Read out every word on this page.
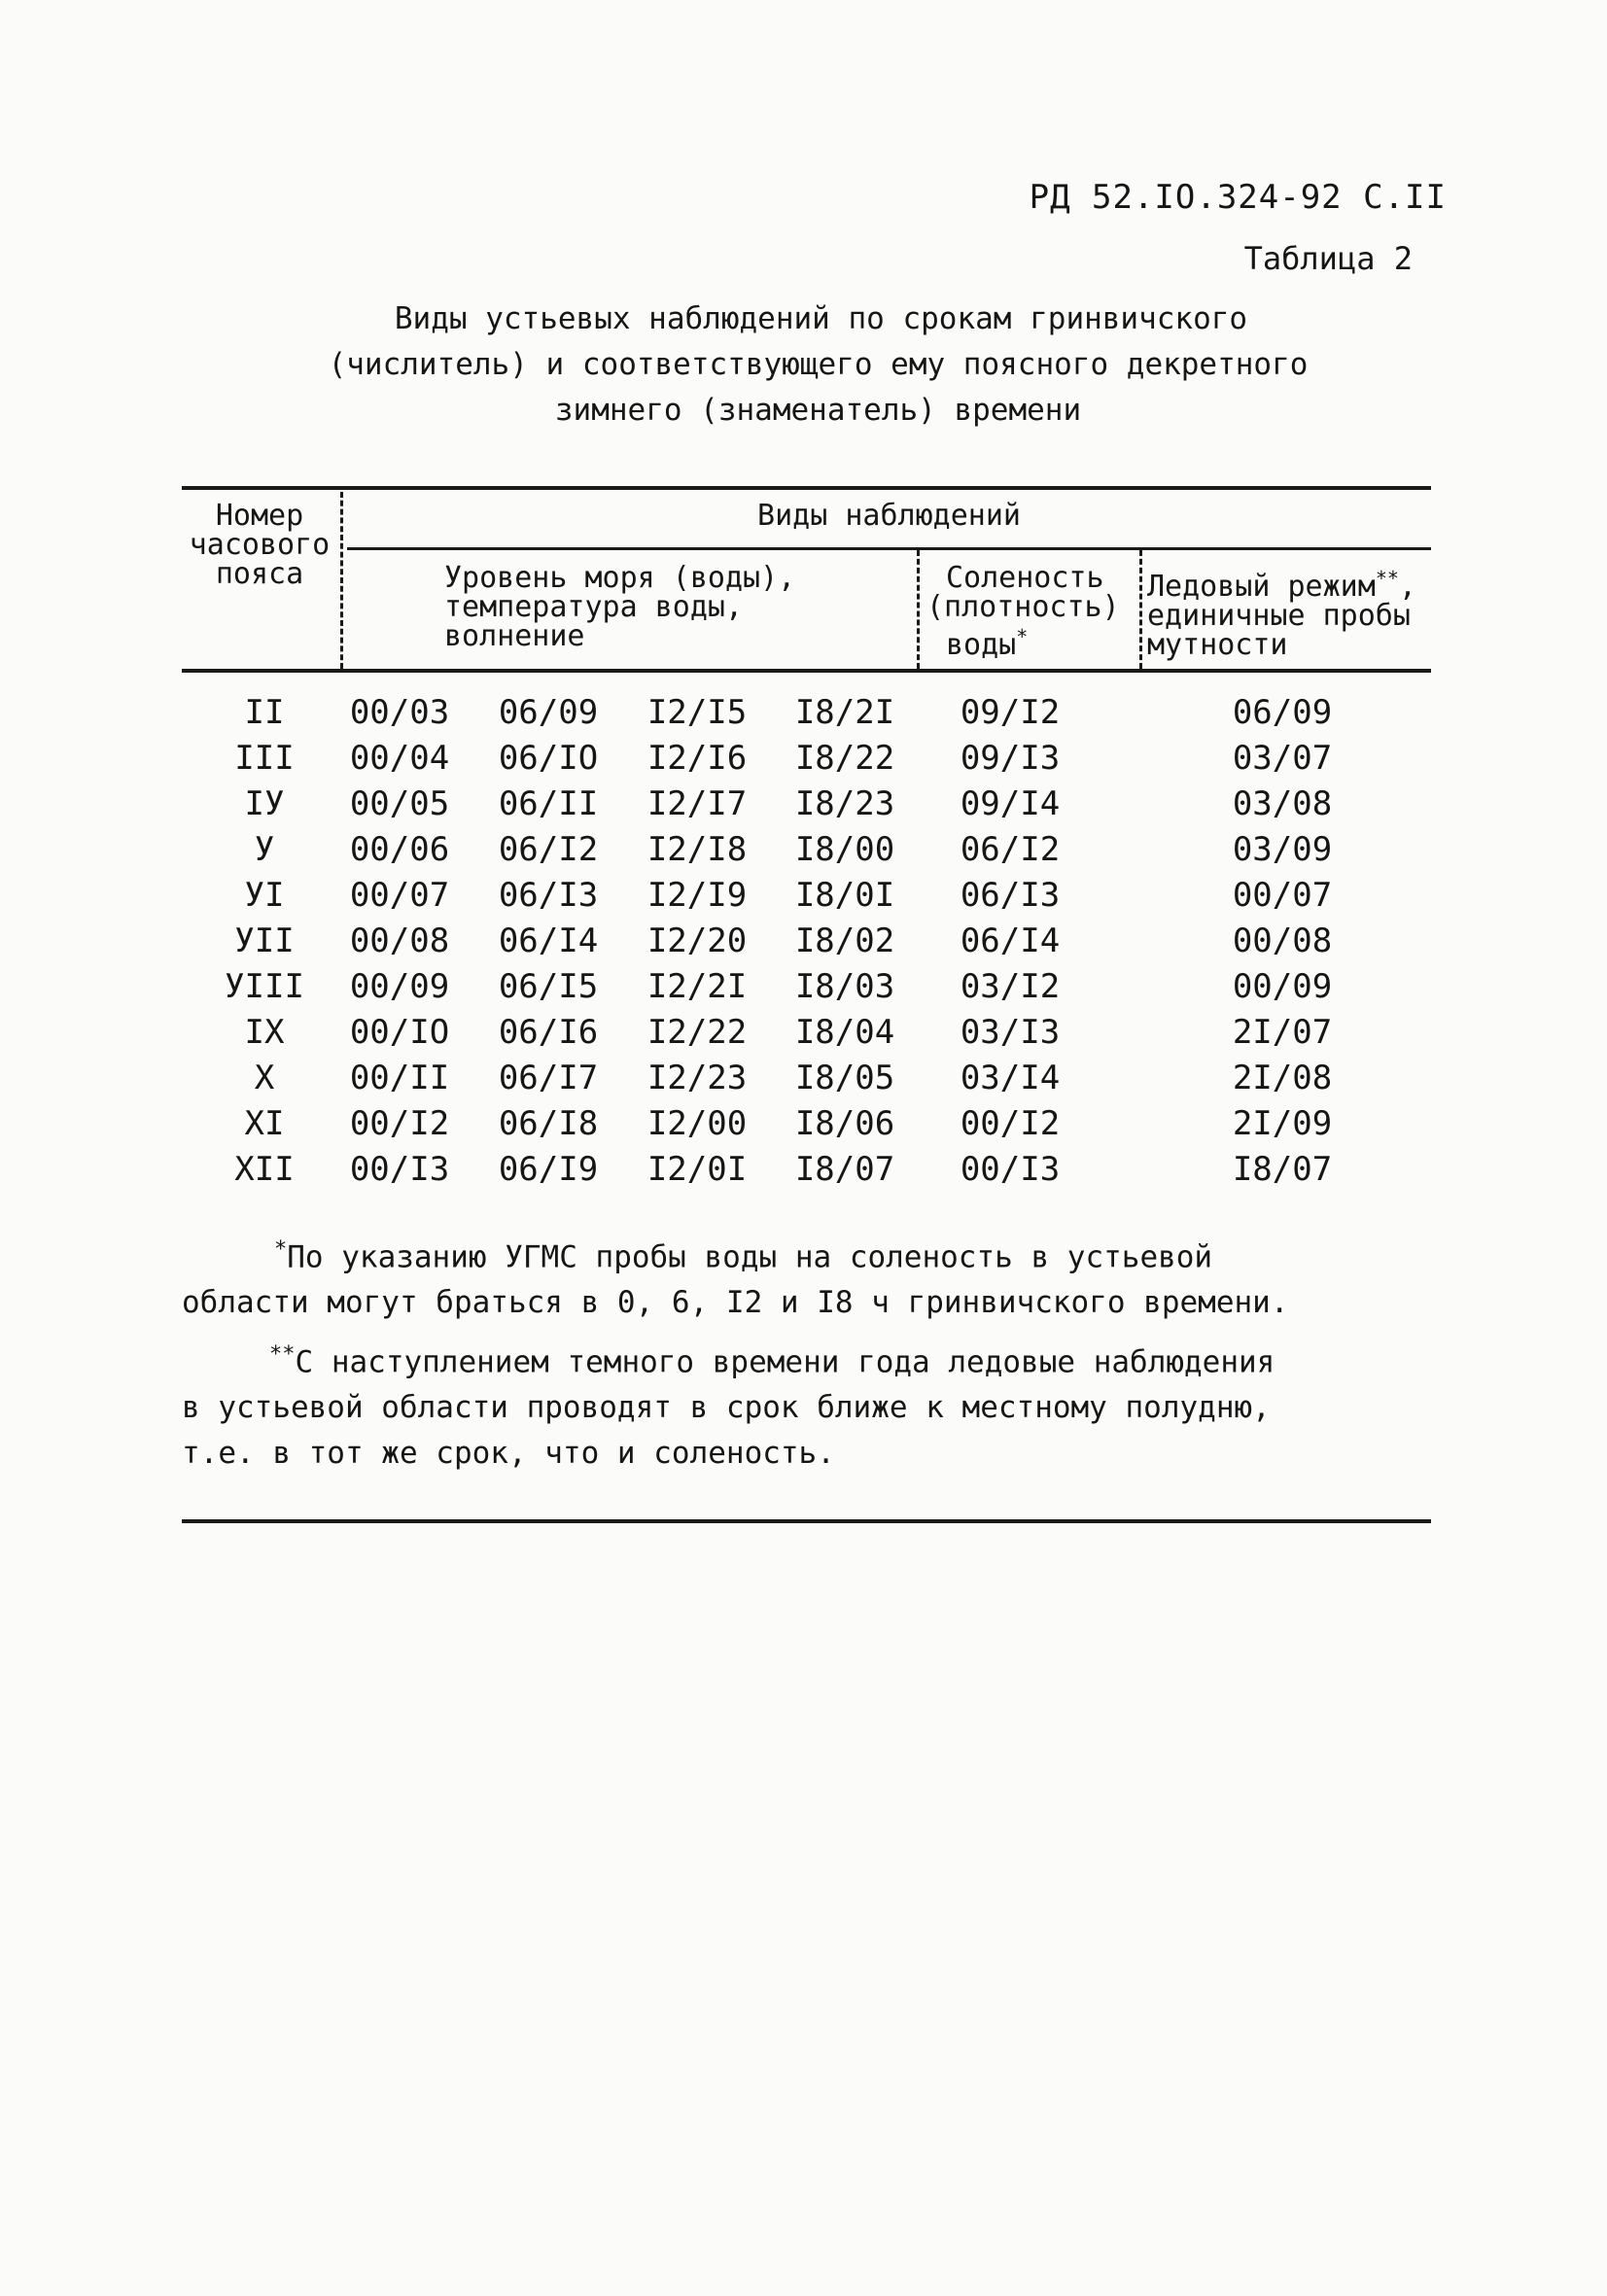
РД 52.IO.324-92 С.II
Таблица 2
Виды устьевых наблюдений по срокам гринвичского
(числитель) и соответствующего ему поясного декретного
зимнего (знаменатель) времени
Номер
часового
пояса
Виды наблюдений
Уровень моря (воды),
температура воды,
волнение
Соленость
(плотность)
воды*
Ледовый режим**,
единичные пробы
мутности
II	00/03 06/09 I2/I5 I8/2I 09/I2	06/09
III	00/04 06/IO I2/I6 I8/22 09/I3	03/07
IУ	00/05 06/II I2/I7 I8/23 09/I4	03/08
У	00/06 06/I2 I2/I8 I8/00 06/I2	03/09
УI	00/07 06/I3 I2/I9 I8/0I 06/I3	00/07
УII	00/08 06/I4 I2/20 I8/02 06/I4	00/08
УIII 00/09 06/I5 I2/2I I8/03 03/I2	00/09
IX	00/IO 06/I6 I2/22 I8/04 03/I3	2I/07
X	00/II 06/I7 I2/23 I8/05 03/I4	2I/08
XI	00/I2 06/I8 I2/00 I8/06 00/I2	2I/09
XII	00/I3 06/I9 I2/0I I8/07 00/I3	I8/07
*По указанию УГМС пробы воды на соленость в устьевой
области могут браться в 0, 6, I2 и I8 ч гринвичского времени.
**С наступлением темного времени года ледовые наблюдения
в устьевой области проводят в срок ближе к местному полудню,
т.е. в тот же срок, что и соленость.
